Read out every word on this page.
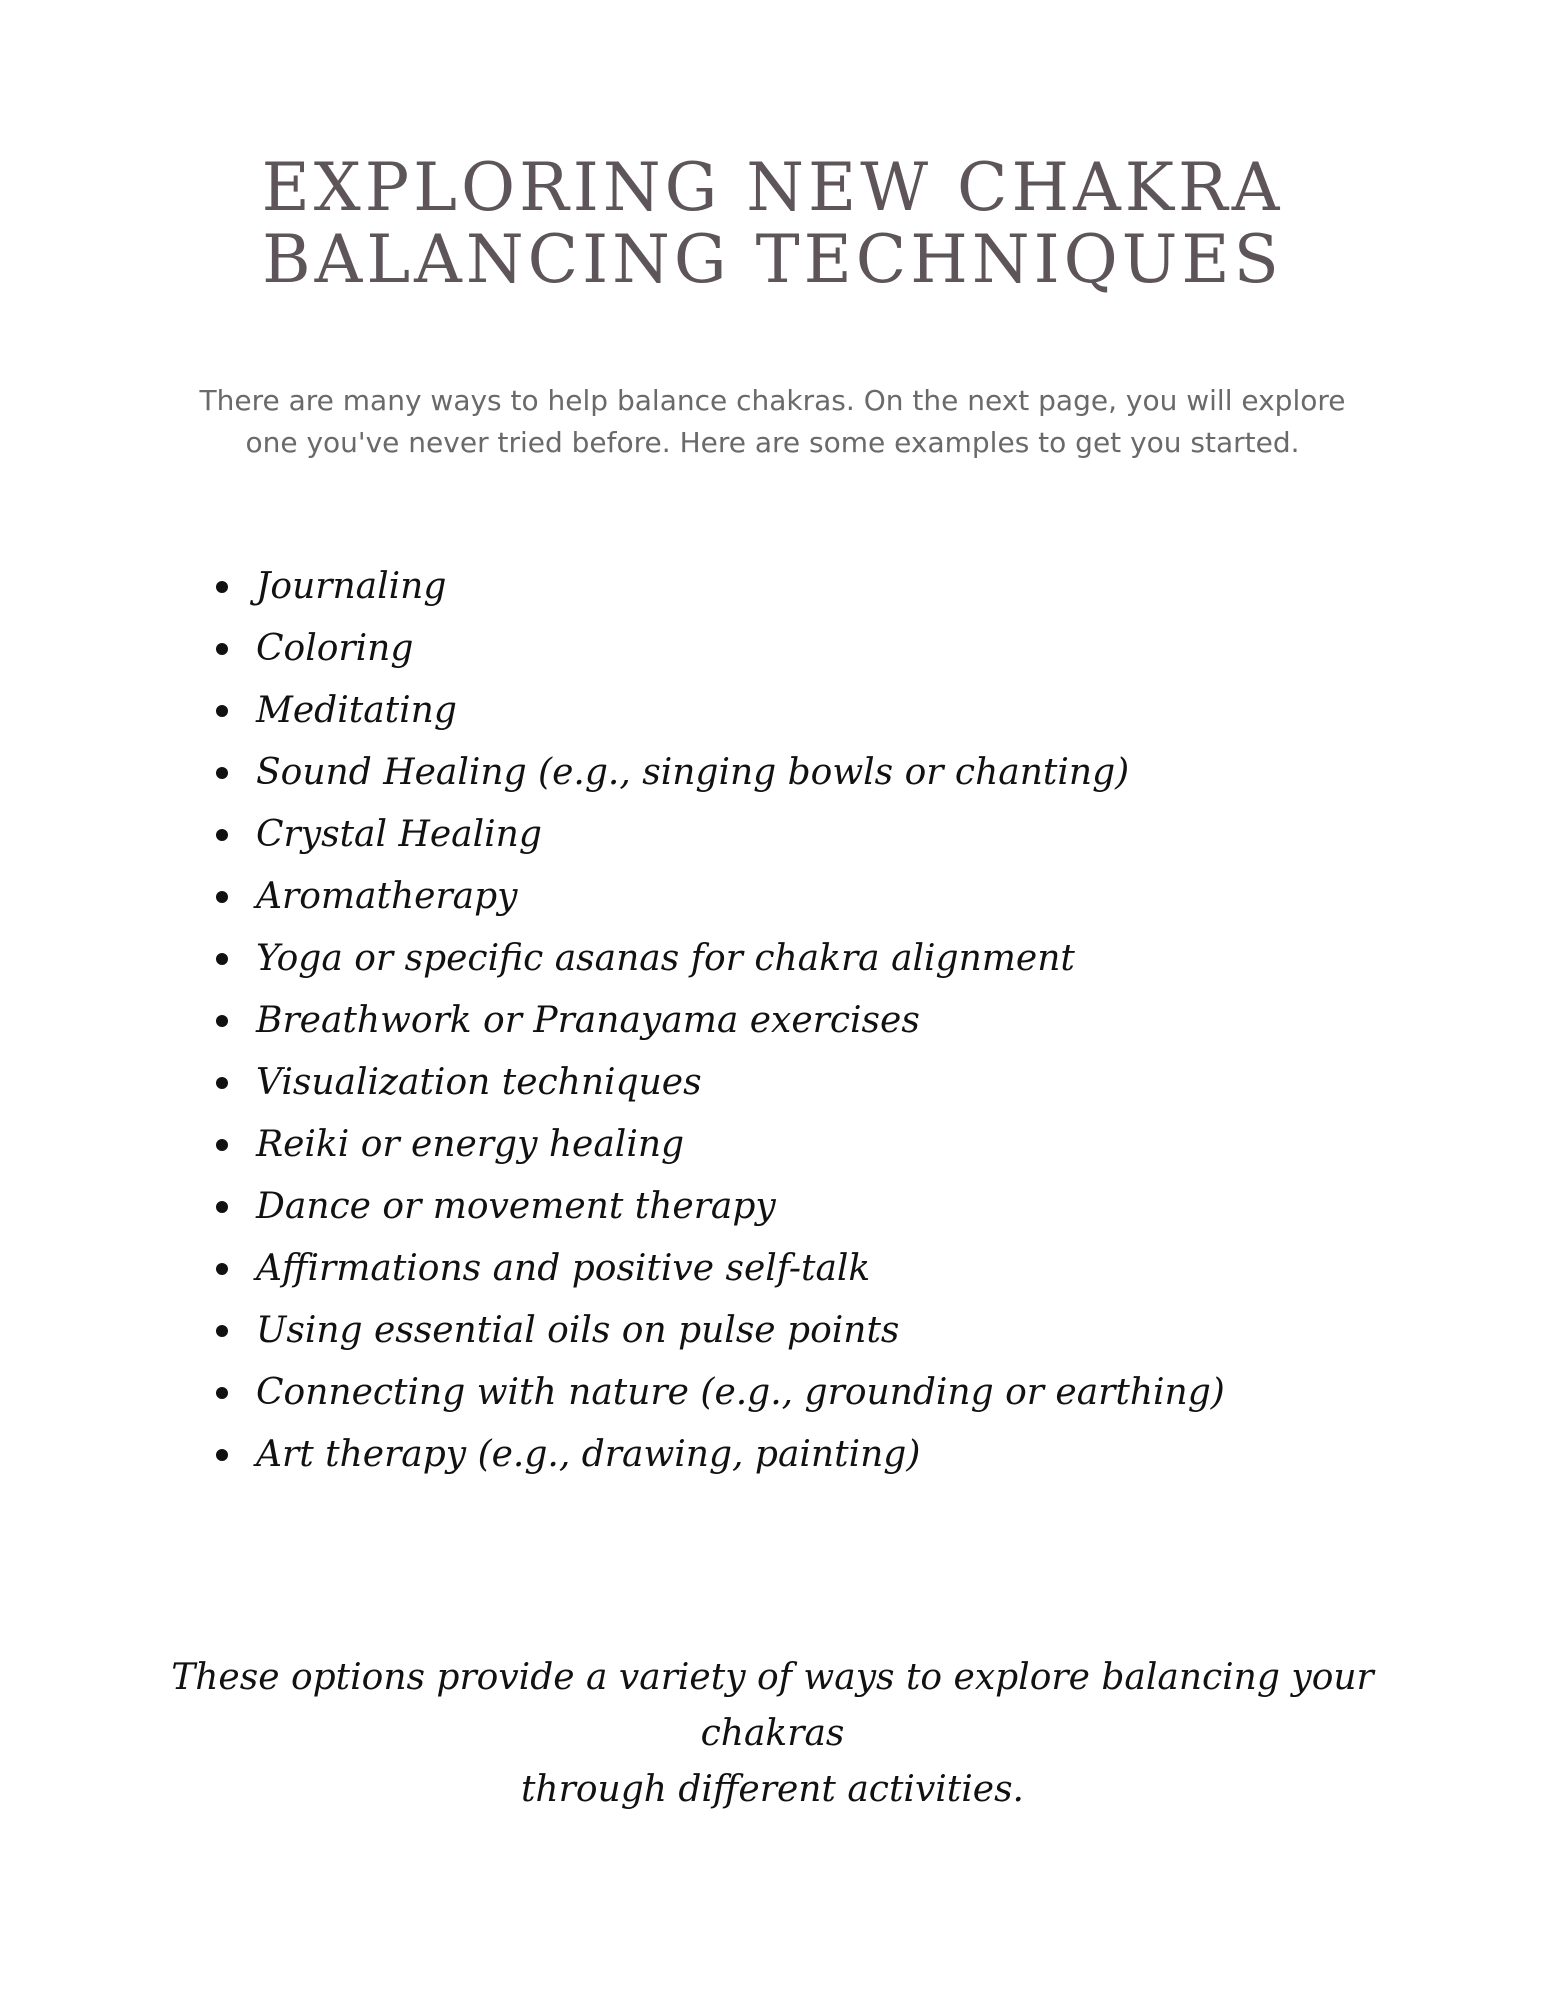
EXPLORING NEW CHAKRA
BALANCING TECHNIQUES

There are many ways to help balance chakras. On the next page, you will explore
one you've never tried before. Here are some examples to get you started.

Journaling
Coloring
Meditating
Sound Healing (e.g., singing bowls or chanting)
Crystal Healing
Aromatherapy
Yoga or specific asanas for chakra alignment
Breathwork or Pranayama exercises
Visualization techniques
Reiki or energy healing
Dance or movement therapy
Affirmations and positive self-talk
Using essential oils on pulse points
Connecting with nature (e.g., grounding or earthing)
Art therapy (e.g., drawing, painting)

These options provide a variety of ways to explore balancing your chakras
through different activities.
